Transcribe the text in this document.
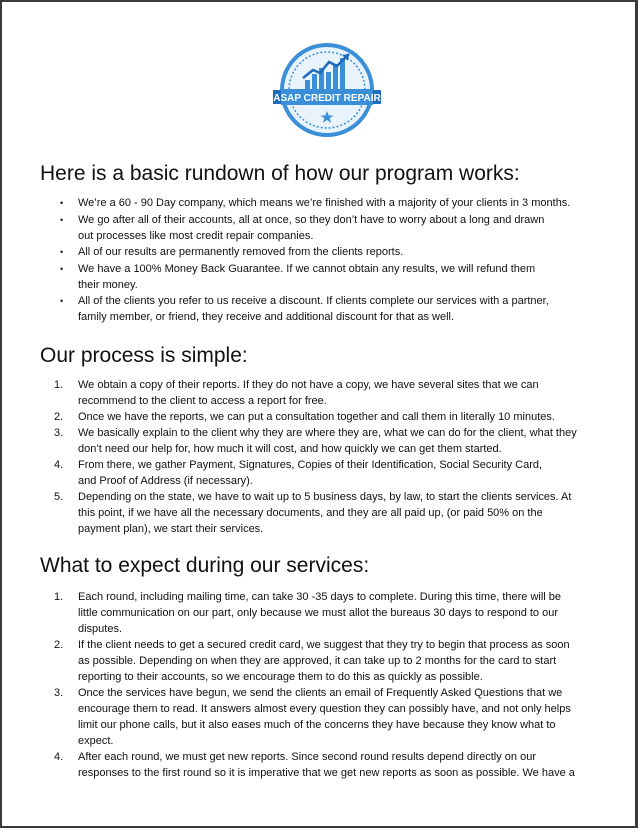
ASAP CREDIT REPAIR
Here is a basic rundown of how our program works:
• We’re a 60 - 90 Day company, which means we’re finished with a majority of your clients in 3 months.
• We go after all of their accounts, all at once, so they don’t have to worry about a long and drawn
out processes like most credit repair companies.
• All of our results are permanently removed from the clients reports.
• We have a 100% Money Back Guarantee. If we cannot obtain any results, we will refund them
their money.
• All of the clients you refer to us receive a discount. If clients complete our services with a partner,
family member, or friend, they receive and additional discount for that as well.
Our process is simple:
1. We obtain a copy of their reports. If they do not have a copy, we have several sites that we can
recommend to the client to access a report for free.
2. Once we have the reports, we can put a consultation together and call them in literally 10 minutes.
3. We basically explain to the client why they are where they are, what we can do for the client, what they
don’t need our help for, how much it will cost, and how quickly we can get them started.
4. From there, we gather Payment, Signatures, Copies of their Identification, Social Security Card,
and Proof of Address (if necessary).
5. Depending on the state, we have to wait up to 5 business days, by law, to start the clients services. At
this point, if we have all the necessary documents, and they are all paid up, (or paid 50% on the
payment plan), we start their services.
What to expect during our services:
1. Each round, including mailing time, can take 30 -35 days to complete. During this time, there will be
little communication on our part, only because we must allot the bureaus 30 days to respond to our
disputes.
2. If the client needs to get a secured credit card, we suggest that they try to begin that process as soon
as possible. Depending on when they are approved, it can take up to 2 months for the card to start
reporting to their accounts, so we encourage them to do this as quickly as possible.
3. Once the services have begun, we send the clients an email of Frequently Asked Questions that we
encourage them to read. It answers almost every question they can possibly have, and not only helps
limit our phone calls, but it also eases much of the concerns they have because they know what to
expect.
4. After each round, we must get new reports. Since second round results depend directly on our
responses to the first round so it is imperative that we get new reports as soon as possible. We have a
